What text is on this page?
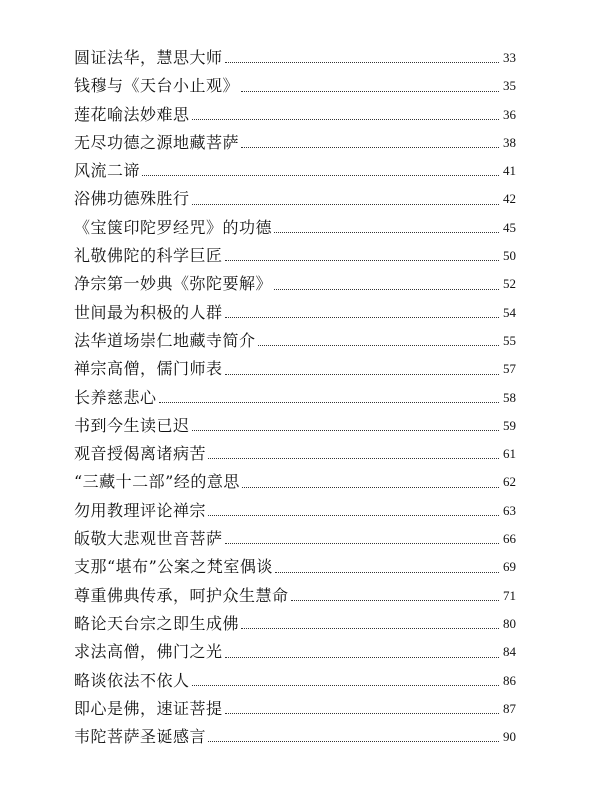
圆证法华，慧思大师	33
钱穆与《天台小止观》	35
莲花喻法妙难思	36
无尽功德之源地藏菩萨	38
风流二谛	41
浴佛功德殊胜行	42
《宝箧印陀罗经咒》的功德	45
礼敬佛陀的科学巨匠	50
净宗第一妙典《弥陀要解》	52
世间最为积极的人群	54
法华道场崇仁地藏寺简介	55
禅宗高僧，儒门师表	57
长养慈悲心	58
书到今生读已迟	59
观音授偈离诸病苦	61
“三藏十二部”经的意思	62
勿用教理评论禅宗	63
皈敬大悲观世音菩萨	66
支那“堪布”公案之梵室偶谈	69
尊重佛典传承，呵护众生慧命	71
略论天台宗之即生成佛	80
求法高僧，佛门之光	84
略谈依法不依人	86
即心是佛，速证菩提	87
韦陀菩萨圣诞感言	90
